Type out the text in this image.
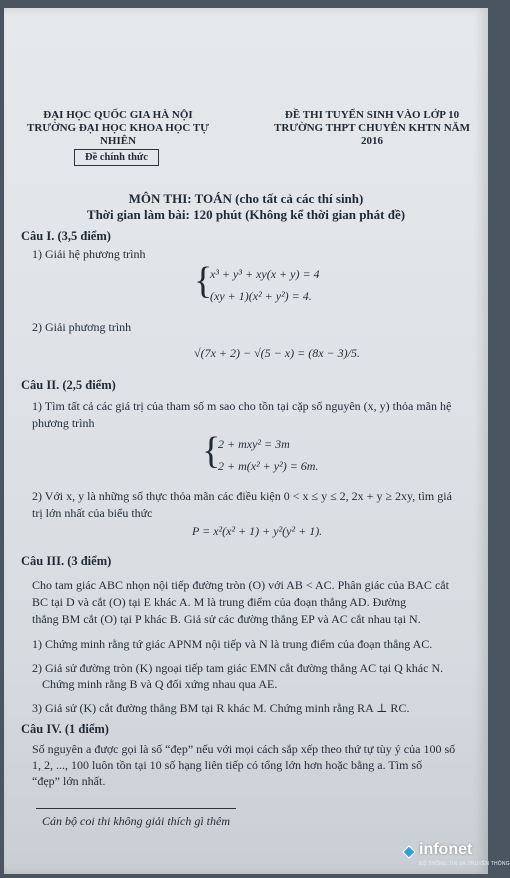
ĐẠI HỌC QUỐC GIA HÀ NỘI
TRƯỜNG ĐẠI HỌC KHOA HỌC TỰ NHIÊN
ĐỀ THI TUYỂN SINH VÀO LỚP 10
TRƯỜNG THPT CHUYÊN KHTN NĂM 2016
Đề chính thức
MÔN THI: TOÁN (cho tất cả các thí sinh)
Thời gian làm bài: 120 phút (Không kể thời gian phát đề)
Câu I. (3,5 điểm)
1) Giải hệ phương trình
{
x³ + y³ + xy(x + y) = 4
(xy + 1)(x² + y²) = 4.
2) Giải phương trình
√(7x + 2) − √(5 − x) = (8x − 3)/5.
Câu II. (2,5 điểm)
1) Tìm tất cả các giá trị của tham số m sao cho tồn tại cặp số nguyên (x, y) thỏa mãn hệ
phương trình
{
2 + mxy² = 3m
2 + m(x² + y²) = 6m.
2) Với x, y là những số thực thỏa mãn các điều kiện 0 < x ≤ y ≤ 2, 2x + y ≥ 2xy, tìm giá
trị lớn nhất của biểu thức
P = x²(x² + 1) + y²(y² + 1).
Câu III. (3 điểm)
Cho tam giác ABC nhọn nội tiếp đường tròn (O) với AB < AC. Phân giác của BAC cắt
BC tại D và cắt (O) tại E khác A. M là trung điểm của đoạn thẳng AD. Đường
thẳng BM cắt (O) tại P khác B. Giả sử các đường thẳng EP và AC cắt nhau tại N.
1) Chứng minh rằng tứ giác APNM nội tiếp và N là trung điểm của đoạn thẳng AC.
2) Giả sử đường tròn (K) ngoại tiếp tam giác EMN cắt đường thẳng AC tại Q khác N.
Chứng minh rằng B và Q đối xứng nhau qua AE.
3) Giả sử (K) cắt đường thẳng BM tại R khác M. Chứng minh rằng RA ⊥ RC.
Câu IV. (1 điểm)
Số nguyên a được gọi là số “đẹp” nếu với mọi cách sắp xếp theo thứ tự tùy ý của 100 số
1, 2, ..., 100 luôn tồn tại 10 số hạng liên tiếp có tổng lớn hơn hoặc bằng a. Tìm số
“đẹp” lớn nhất.
Cán bộ coi thi không giải thích gì thêm
infonet
BỘ THÔNG TIN VÀ TRUYỀN THÔNG
